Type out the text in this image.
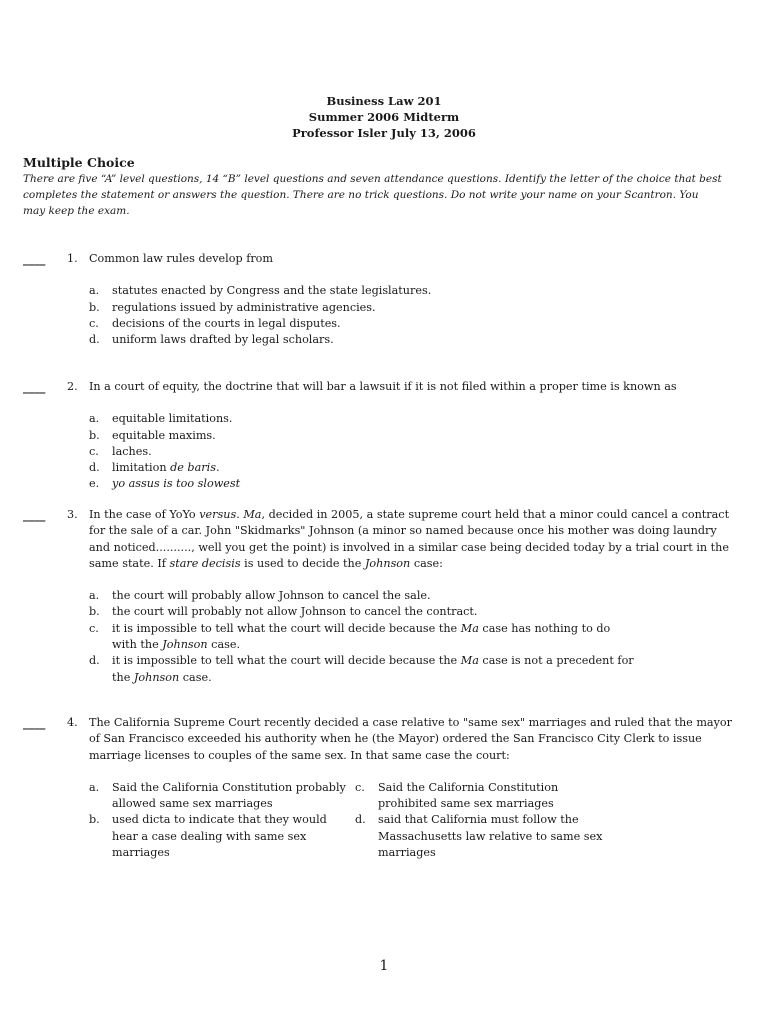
Business Law 201
Summer 2006 Midterm
Professor Isler July 13, 2006
Multiple Choice
There are five “A” level questions, 14 “B” level questions and seven attendance questions. Identify the letter of the choice that best completes the statement or answers the question. There are no trick questions. Do not write your name on your Scantron. You may keep the exam.
____ 1. Common law rules develop from
a. statutes enacted by Congress and the state legislatures.
b. regulations issued by administrative agencies.
c. decisions of the courts in legal disputes.
d. uniform laws drafted by legal scholars.
____ 2. In a court of equity, the doctrine that will bar a lawsuit if it is not filed within a proper time is known as
a. equitable limitations.
b. equitable maxims.
c. laches.
d. limitation de baris.
e. yo assus is too slowest
____ 3. In the case of YoYo versus. Ma, decided in 2005, a state supreme court held that a minor could cancel a contract for the sale of a car. John "Skidmarks" Johnson (a minor so named because once his mother was doing laundry and noticed.........., well you get the point) is involved in a similar case being decided today by a trial court in the same state. If stare decisis is used to decide the Johnson case:
a. the court will probably allow Johnson to cancel the sale.
b. the court will probably not allow Johnson to cancel the contract.
c. it is impossible to tell what the court will decide because the Ma case has nothing to do
with the Johnson case.
d. it is impossible to tell what the court will decide because the Ma case is not a precedent for
the Johnson case.
____ 4. The California Supreme Court recently decided a case relative to "same sex" marriages and ruled that the mayor of San Francisco exceeded his authority when he (the Mayor) ordered the San Francisco City Clerk to issue marriage licenses to couples of the same sex. In that same case the court:
a. Said the California Constitution probably
allowed same sex marriages
c. Said the California Constitution
prohibited same sex marriages
b. used dicta to indicate that they would
hear a case dealing with same sex
marriages
d. said that California must follow the
Massachusetts law relative to same sex
marriages
1
